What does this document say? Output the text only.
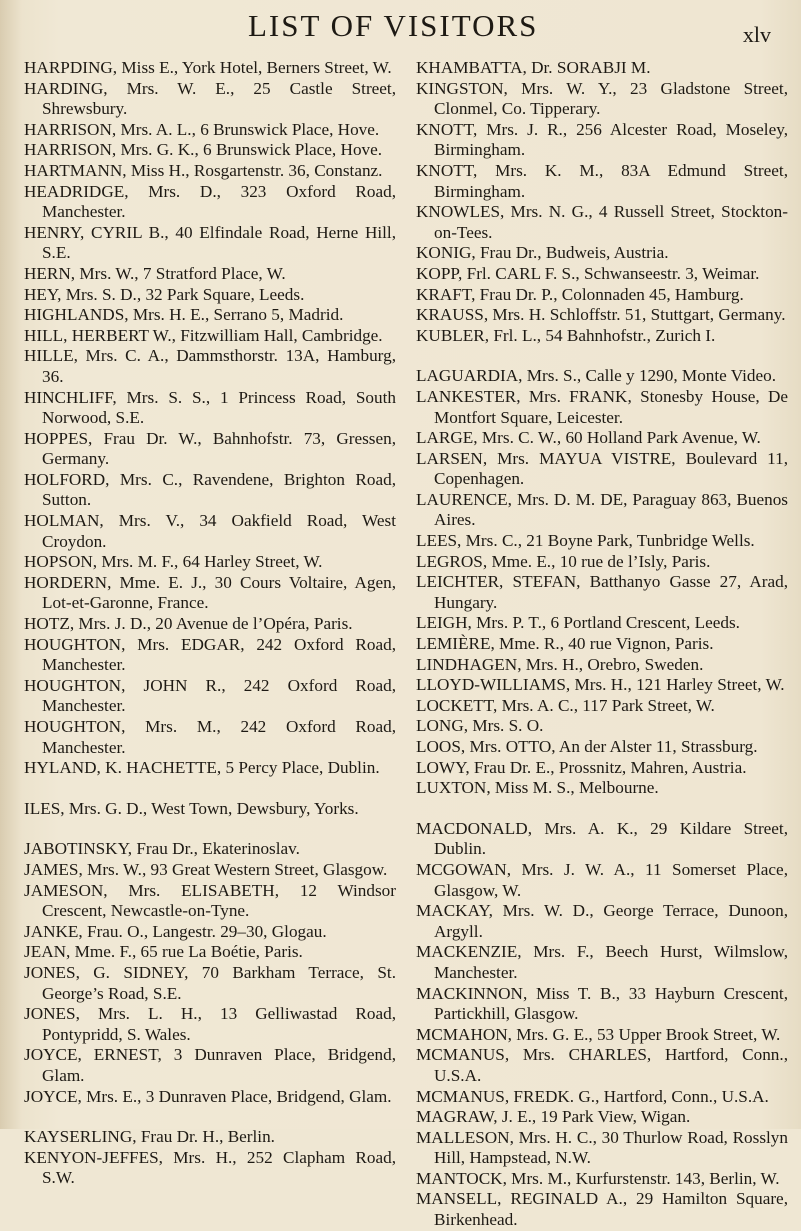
LIST OF VISITORS	xlv

HARPDING, Miss E., York Hotel, Berners Street, W.

HARDING, Mrs. W. E., 25 Castle Street, Shrewsbury.

HARRISON, Mrs. A. L., 6 Brunswick Place, Hove.

HARRISON, Mrs. G. K., 6 Brunswick Place, Hove.

HARTMANN, Miss H., Rosgartenstr. 36, Constanz.

HEADRIDGE, Mrs. D., 323 Oxford Road, Manchester.

HENRY, CYRIL B., 40 Elfindale Road, Herne Hill, S.E.

HERN, Mrs. W., 7 Stratford Place, W.

HEY, Mrs. S. D., 32 Park Square, Leeds.

HIGHLANDS, Mrs. H. E., Serrano 5, Madrid.

HILL, HERBERT W., Fitzwilliam Hall, Cambridge.

HILLE, Mrs. C. A., Dammsthorstr. 13A, Hamburg, 36.

HINCHLIFF, Mrs. S. S., 1 Princess Road, South Norwood, S.E.

HOPPES, Frau Dr. W., Bahnhofstr. 73, Gressen, Germany.

HOLFORD, Mrs. C., Ravendene, Brighton Road, Sutton.

HOLMAN, Mrs. V., 34 Oakfield Road, West Croydon.

HOPSON, Mrs. M. F., 64 Harley Street, W.

HORDERN, Mme. E. J., 30 Cours Voltaire, Agen, Lot-et-Garonne, France.

HOTZ, Mrs. J. D., 20 Avenue de l’Opéra, Paris.

HOUGHTON, Mrs. EDGAR, 242 Oxford Road, Manchester.

HOUGHTON, JOHN R., 242 Oxford Road, Manchester.

HOUGHTON, Mrs. M., 242 Oxford Road, Manchester.

HYLAND, K. HACHETTE, 5 Percy Place, Dublin.

ILES, Mrs. G. D., West Town, Dewsbury, Yorks.

JABOTINSKY, Frau Dr., Ekaterinoslav.

JAMES, Mrs. W., 93 Great Western Street, Glasgow.

JAMESON, Mrs. ELISABETH, 12 Windsor Crescent, Newcastle-on-Tyne.

JANKE, Frau. O., Langestr. 29–30, Glogau.

JEAN, Mme. F., 65 rue La Boétie, Paris.

JONES, G. SIDNEY, 70 Barkham Terrace, St. George’s Road, S.E.

JONES, Mrs. L. H., 13 Gelliwastad Road, Pontypridd, S. Wales.

JOYCE, ERNEST, 3 Dunraven Place, Bridgend, Glam.

JOYCE, Mrs. E., 3 Dunraven Place, Bridgend, Glam.

KAYSERLING, Frau Dr. H., Berlin.

KENYON-JEFFES, Mrs. H., 252 Clapham Road, S.W.

KHAMBATTA, Dr. SORABJI M.

KINGSTON, Mrs. W. Y., 23 Gladstone Street, Clonmel, Co. Tipperary.

KNOTT, Mrs. J. R., 256 Alcester Road, Moseley, Birmingham.

KNOTT, Mrs. K. M., 83A Edmund Street, Birmingham.

KNOWLES, Mrs. N. G., 4 Russell Street, Stockton-on-Tees.

KONIG, Frau Dr., Budweis, Austria.

KOPP, Frl. CARL F. S., Schwanseestr. 3, Weimar.

KRAFT, Frau Dr. P., Colonnaden 45, Hamburg.

KRAUSS, Mrs. H. Schloffstr. 51, Stuttgart, Germany.

KUBLER, Frl. L., 54 Bahnhofstr., Zurich I.

LAGUARDIA, Mrs. S., Calle y 1290, Monte Video.

LANKESTER, Mrs. FRANK, Stonesby House, De Montfort Square, Leicester.

LARGE, Mrs. C. W., 60 Holland Park Avenue, W.

LARSEN, Mrs. MAYUA VISTRE, Boulevard 11, Copenhagen.

LAURENCE, Mrs. D. M. DE, Paraguay 863, Buenos Aires.

LEES, Mrs. C., 21 Boyne Park, Tunbridge Wells.

LEGROS, Mme. E., 10 rue de l’Isly, Paris.

LEICHTER, STEFAN, Batthanyo Gasse 27, Arad, Hungary.

LEIGH, Mrs. P. T., 6 Portland Crescent, Leeds.

LEMIÈRE, Mme. R., 40 rue Vignon, Paris.

LINDHAGEN, Mrs. H., Orebro, Sweden.

LLOYD-WILLIAMS, Mrs. H., 121 Harley Street, W.

LOCKETT, Mrs. A. C., 117 Park Street, W.

LONG, Mrs. S. O.

LOOS, Mrs. OTTO, An der Alster 11, Strassburg.

LOWY, Frau Dr. E., Prossnitz, Mahren, Austria.

LUXTON, Miss M. S., Melbourne.

MACDONALD, Mrs. A. K., 29 Kildare Street, Dublin.

MCGOWAN, Mrs. J. W. A., 11 Somerset Place, Glasgow, W.

MACKAY, Mrs. W. D., George Terrace, Dunoon, Argyll.

MACKENZIE, Mrs. F., Beech Hurst, Wilmslow, Manchester.

MACKINNON, Miss T. B., 33 Hayburn Crescent, Partickhill, Glasgow.

MCMAHON, Mrs. G. E., 53 Upper Brook Street, W.

MCMANUS, Mrs. CHARLES, Hartford, Conn., U.S.A.

MCMANUS, FREDK. G., Hartford, Conn., U.S.A.

MAGRAW, J. E., 19 Park View, Wigan.

MALLESON, Mrs. H. C., 30 Thurlow Road, Rosslyn Hill, Hampstead, N.W.

MANTOCK, Mrs. M., Kurfurstenstr. 143, Berlin, W.

MANSELL, REGINALD A., 29 Hamilton Square, Birkenhead.
